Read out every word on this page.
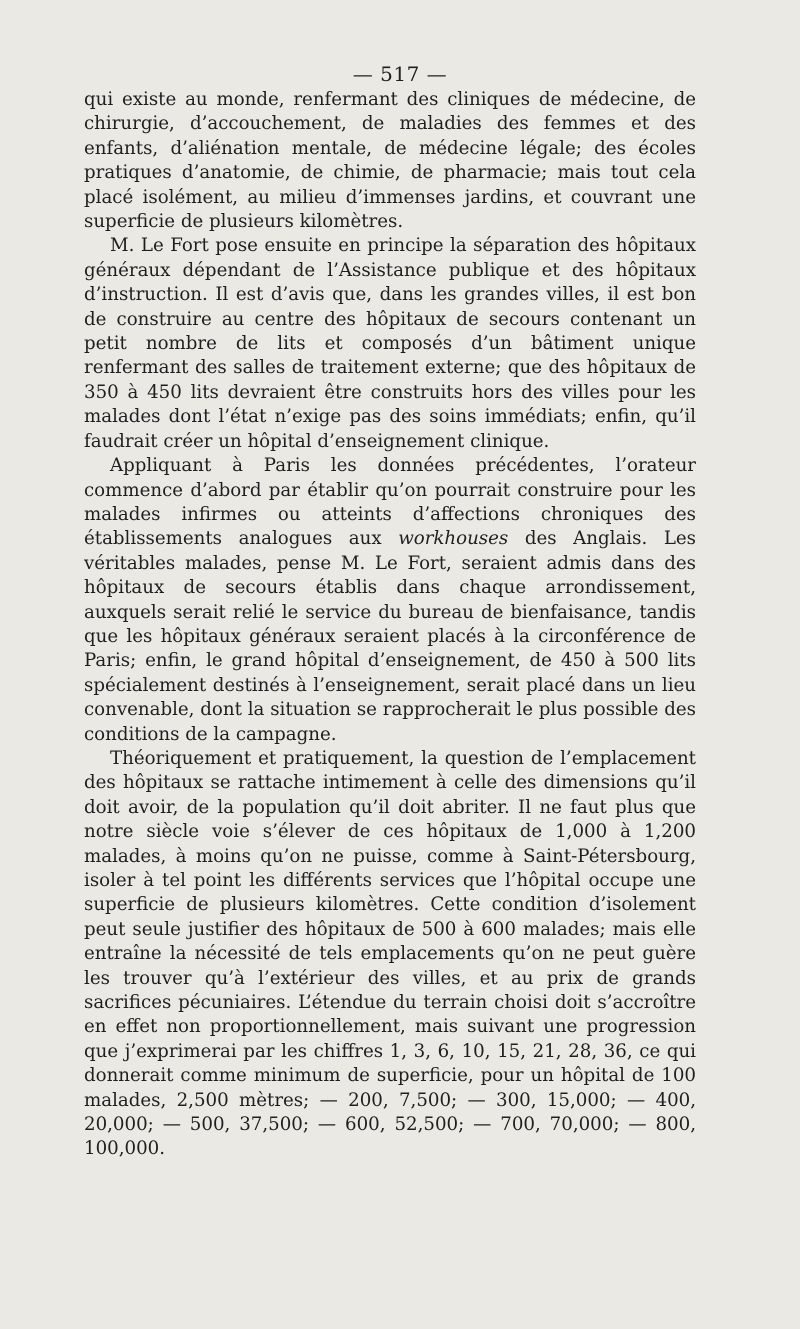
— 517 —

qui existe au monde, renfermant des cliniques de médecine, de chirurgie, d’accouchement, de maladies des femmes et des enfants, d’aliénation mentale, de médecine légale; des écoles pratiques d’anatomie, de chimie, de pharmacie; mais tout cela placé isolément, au milieu d’immenses jardins, et couvrant une superficie de plusieurs kilomètres.

M. Le Fort pose ensuite en principe la séparation des hôpitaux généraux dépendant de l’Assistance publique et des hôpitaux d’instruction. Il est d’avis que, dans les grandes villes, il est bon de construire au centre des hôpitaux de secours contenant un petit nombre de lits et composés d’un bâtiment unique renfermant des salles de traitement externe; que des hôpitaux de 350 à 450 lits devraient être construits hors des villes pour les malades dont l’état n’exige pas des soins immédiats; enfin, qu’il faudrait créer un hôpital d’enseignement clinique.

Appliquant à Paris les données précédentes, l’orateur commence d’abord par établir qu’on pourrait construire pour les malades infirmes ou atteints d’affections chroniques des établissements analogues aux workhouses des Anglais. Les véritables malades, pense M. Le Fort, seraient admis dans des hôpitaux de secours établis dans chaque arrondissement, auxquels serait relié le service du bureau de bienfaisance, tandis que les hôpitaux généraux seraient placés à la circonférence de Paris; enfin, le grand hôpital d’enseignement, de 450 à 500 lits spécialement destinés à l’enseignement, serait placé dans un lieu convenable, dont la situation se rapprocherait le plus possible des conditions de la campagne.

Théoriquement et pratiquement, la question de l’emplacement des hôpitaux se rattache intimement à celle des dimensions qu’il doit avoir, de la population qu’il doit abriter. Il ne faut plus que notre siècle voie s’élever de ces hôpitaux de 1,000 à 1,200 malades, à moins qu’on ne puisse, comme à Saint-Pétersbourg, isoler à tel point les différents services que l’hôpital occupe une superficie de plusieurs kilomètres. Cette condition d’isolement peut seule justifier des hôpitaux de 500 à 600 malades; mais elle entraîne la nécessité de tels emplacements qu’on ne peut guère les trouver qu’à l’extérieur des villes, et au prix de grands sacrifices pécuniaires. L’étendue du terrain choisi doit s’accroître en effet non proportionnellement, mais suivant une progression que j’exprimerai par les chiffres 1, 3, 6, 10, 15, 21, 28, 36, ce qui donnerait comme minimum de superficie, pour un hôpital de 100 malades, 2,500 mètres; — 200, 7,500; — 300, 15,000; — 400, 20,000; — 500, 37,500; — 600, 52,500; — 700, 70,000; — 800, 100,000.
